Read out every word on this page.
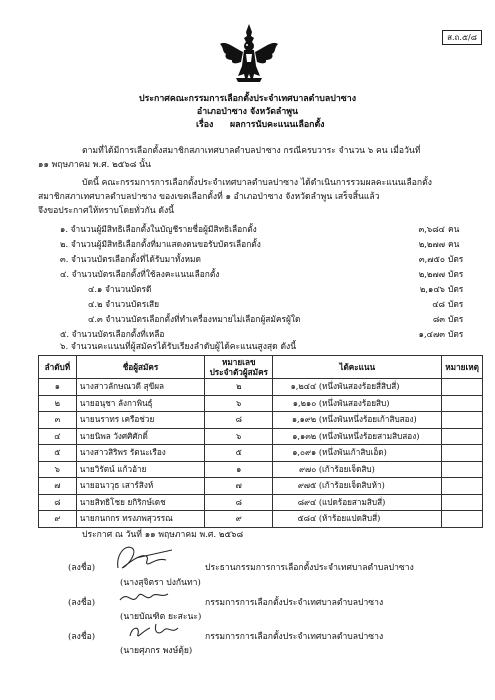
ส.ถ.๕/๘
ประกาศคณะกรรมการเลือกตั้งประจำเทศบาลตำบลปาซาง
อำเภอป่าซาง จังหวัดลำพูน
เรื่อง ผลการนับคะแนนเลือกตั้ง
ตามที่ได้มีการเลือกตั้งสมาชิกสภาเทศบาลตำบลปาซาง กรณีครบวาระ จำนวน ๖ คน เมื่อวันที่
๑๑ พฤษภาคม พ.ศ. ๒๕๖๘ นั้น
บัดนี้ คณะกรรมการการเลือกตั้งประจำเทศบาลตำบลปาซาง ได้ดำเนินการรวมผลคะแนนเลือกตั้ง
สมาชิกสภาเทศบาลตำบลปาซาง ของเขตเลือกตั้งที่ ๑ อำเภอป่าซาง จังหวัดลำพูน เสร็จสิ้นแล้ว
จึงขอประกาศให้ทราบโดยทั่วกัน ดังนี้
๑. จำนวนผู้มีสิทธิเลือกตั้งในบัญชีรายชื่อผู้มีสิทธิเลือกตั้ง	๓,๖๘๔ คน
๒. จำนวนผู้มีสิทธิเลือกตั้งที่มาแสดงตนขอรับบัตรเลือกตั้ง	๒,๒๗๗ คน
๓. จำนวนบัตรเลือกตั้งที่ได้รับมาทั้งหมด	๓,๗๕๐ บัตร
๔. จำนวนบัตรเลือกตั้งที่ใช้ลงคะแนนเลือกตั้ง	๒,๒๗๗ บัตร
๔.๑ จำนวนบัตรดี	๒,๑๔๖ บัตร
๔.๒ จำนวนบัตรเสีย	๔๘ บัตร
๔.๓ จำนวนบัตรเลือกตั้งที่ทำเครื่องหมายไม่เลือกผู้สมัครผู้ใด	๘๓ บัตร
๕. จำนวนบัตรเลือกตั้งที่เหลือ	๑,๔๗๓ บัตร
๖. จำนวนคะแนนที่ผู้สมัครได้รับเรียงลำดับผู้ได้คะแนนสูงสุด ดังนี้
ลำดับที่	ชื่อผู้สมัคร	หมายเลข
ประจำตัวผู้สมัคร	ได้คะแนน	หมายเหตุ
๑	นางสาวลักษณวดี สุขีผล	๒	๑,๒๔๔ (หนึ่งพันสองร้อยสี่สิบสี่)	
๒	นายอนุชา ลังกาพินธุ์	๖	๑,๒๑๐ (หนึ่งพันสองร้อยสิบ)	
๓	นายนราทร เครือช่วย	๘	๑,๑๙๒ (หนึ่งพันหนึ่งร้อยเก้าสิบสอง)	
๔	นายนิพล วังศศิศักดิ์	๖	๑,๑๓๒ (หนึ่งพันหนึ่งร้อยสามสิบสอง)	
๕	นางสาวสิริพร รัตนะเรือง	๕	๑,๐๙๑ (หนึ่งพันเก้าสิบเอ็ด)	
๖	นายวิรัตน์ แก้วอ้าย	๑	๙๗๐ (เก้าร้อยเจ็ดสิบ)	
๗	นายอนาวุธ เสาร์สิงห์	๗	๙๗๕ (เก้าร้อยเจ็ดสิบห้า)	
๘	นายสิทธิโชย ยกิริกษ์เดช	๘	๘๙๔ (แปดร้อยสามสิบสี่)	
๙	นายกนกกร ทรงภพสุวรรณ	๙	๕๘๔ (ห้าร้อยแปดสิบสี่)	
ประกาศ ณ วันที่ ๑๑ พฤษภาคม พ.ศ. ๒๕๖๘
(ลงชื่อ)	ประธานกรรมการการเลือกตั้งประจำเทศบาลตำบลปาซาง
(นางสุจิตรา ปงกันทา)
(ลงชื่อ)	กรรมการการเลือกตั้งประจำเทศบาลตำบลปาซาง
(นายบัณฑิต ยะสะนะ)
(ลงชื่อ)	กรรมการการเลือกตั้งประจำเทศบาลตำบลปาซาง
(นายศุภกร พงษ์ตุ้ย)
